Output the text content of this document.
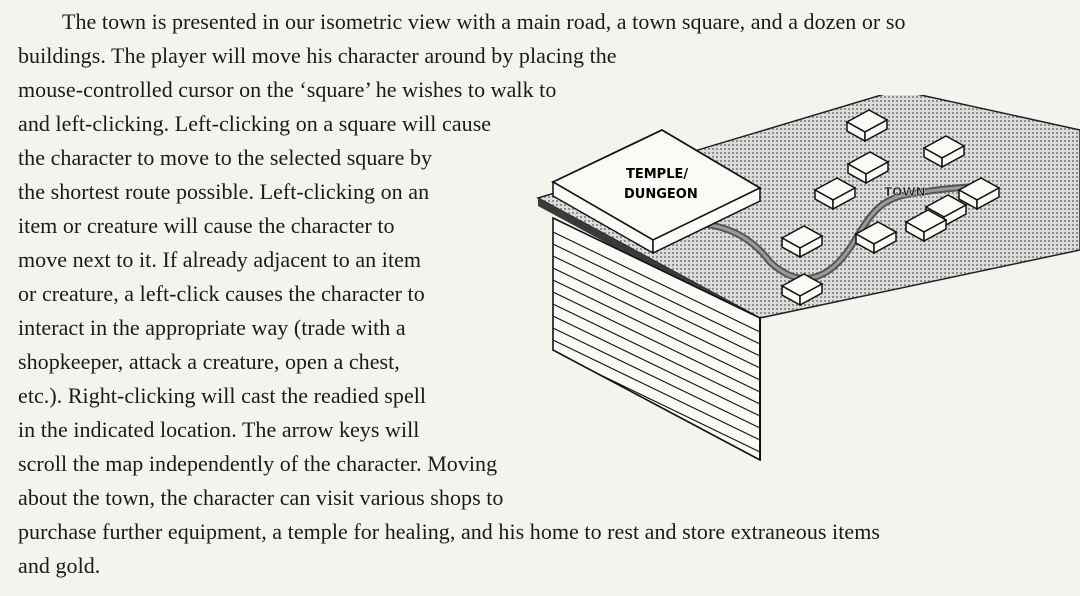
The town is presented in our isometric view with a main road, a town square, and a dozen or so
buildings. The player will move his character around by placing the
mouse-controlled cursor on the ‘square’ he wishes to walk to
and left-clicking. Left-clicking on a square will cause
the character to move to the selected square by
the shortest route possible. Left-clicking on an
item or creature will cause the character to
move next to it. If already adjacent to an item
or creature, a left-click causes the character to
interact in the appropriate way (trade with a
shopkeeper, attack a creature, open a chest,
etc.). Right-clicking will cast the readied spell
in the indicated location. The arrow keys will
scroll the map independently of the character. Moving
about the town, the character can visit various shops to
purchase further equipment, a temple for healing, and his home to rest and store extraneous items
and gold.
TEMPLE/
DUNGEON	TOWN
